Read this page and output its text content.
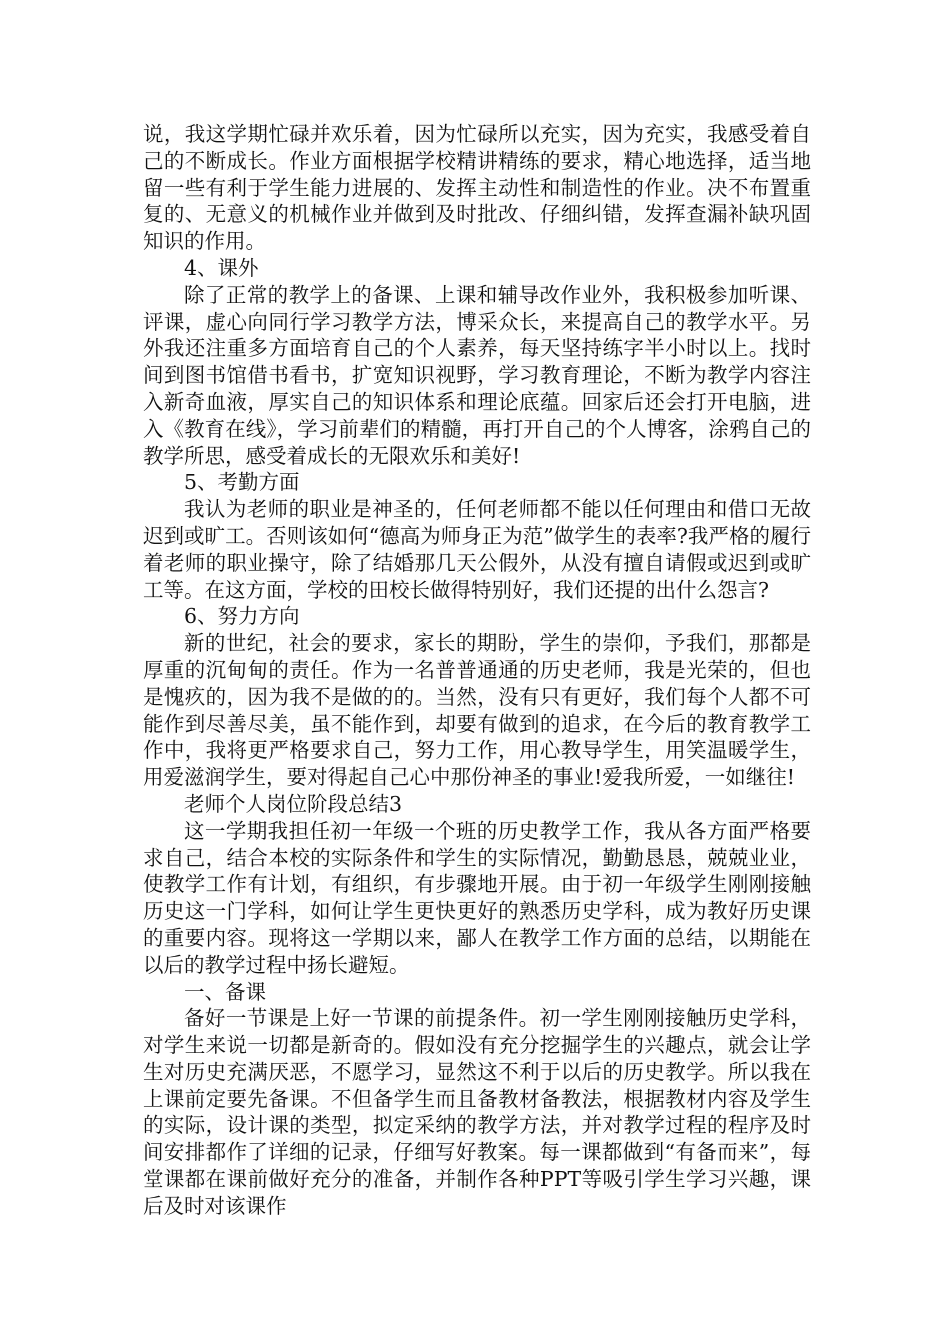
说，我这学期忙碌并欢乐着，因为忙碌所以充实，因为充实，我感受着自己的不断成长。作业方面根据学校精讲精练的要求，精心地选择，适当地留一些有利于学生能力进展的、发挥主动性和制造性的作业。决不布置重复的、无意义的机械作业并做到及时批改、仔细纠错，发挥查漏补缺巩固知识的作用。

4、课外

除了正常的教学上的备课、上课和辅导改作业外，我积极参加听课、评课，虚心向同行学习教学方法，博采众长，来提高自己的教学水平。另外我还注重多方面培育自己的个人素养，每天坚持练字半小时以上。找时间到图书馆借书看书，扩宽知识视野，学习教育理论，不断为教学内容注入新奇血液，厚实自己的知识体系和理论底蕴。回家后还会打开电脑，进入《教育在线》，学习前辈们的精髓，再打开自己的个人博客，涂鸦自己的教学所思，感受着成长的无限欢乐和美好!

5、考勤方面

我认为老师的职业是神圣的，任何老师都不能以任何理由和借口无故迟到或旷工。否则该如何“德高为师身正为范”做学生的表率?我严格的履行着老师的职业操守，除了结婚那几天公假外，从没有擅自请假或迟到或旷工等。在这方面，学校的田校长做得特别好，我们还提的出什么怨言?

6、努力方向

新的世纪，社会的要求，家长的期盼，学生的崇仰，予我们，那都是厚重的沉甸甸的责任。作为一名普普通通的历史老师，我是光荣的，但也是愧疚的，因为我不是做的的。当然，没有只有更好，我们每个人都不可能作到尽善尽美，虽不能作到，却要有做到的追求，在今后的教育教学工作中，我将更严格要求自己，努力工作，用心教导学生，用笑温暖学生，用爱滋润学生，要对得起自己心中那份神圣的事业!爱我所爱，一如继往!

老师个人岗位阶段总结3

这一学期我担任初一年级一个班的历史教学工作，我从各方面严格要求自己，结合本校的实际条件和学生的实际情况，勤勤恳恳，兢兢业业，使教学工作有计划，有组织，有步骤地开展。由于初一年级学生刚刚接触历史这一门学科，如何让学生更快更好的熟悉历史学科，成为教好历史课的重要内容。现将这一学期以来，鄙人在教学工作方面的总结，以期能在以后的教学过程中扬长避短。

一、备课

备好一节课是上好一节课的前提条件。初一学生刚刚接触历史学科，对学生来说一切都是新奇的。假如没有充分挖掘学生的兴趣点，就会让学生对历史充满厌恶，不愿学习，显然这不利于以后的历史教学。所以我在上课前定要先备课。不但备学生而且备教材备教法，根据教材内容及学生的实际，设计课的类型，拟定采纳的教学方法，并对教学过程的程序及时间安排都作了详细的记录，仔细写好教案。每一课都做到“有备而来”，每堂课都在课前做好充分的准备，并制作各种PPT等吸引学生学习兴趣，课后及时对该课作
